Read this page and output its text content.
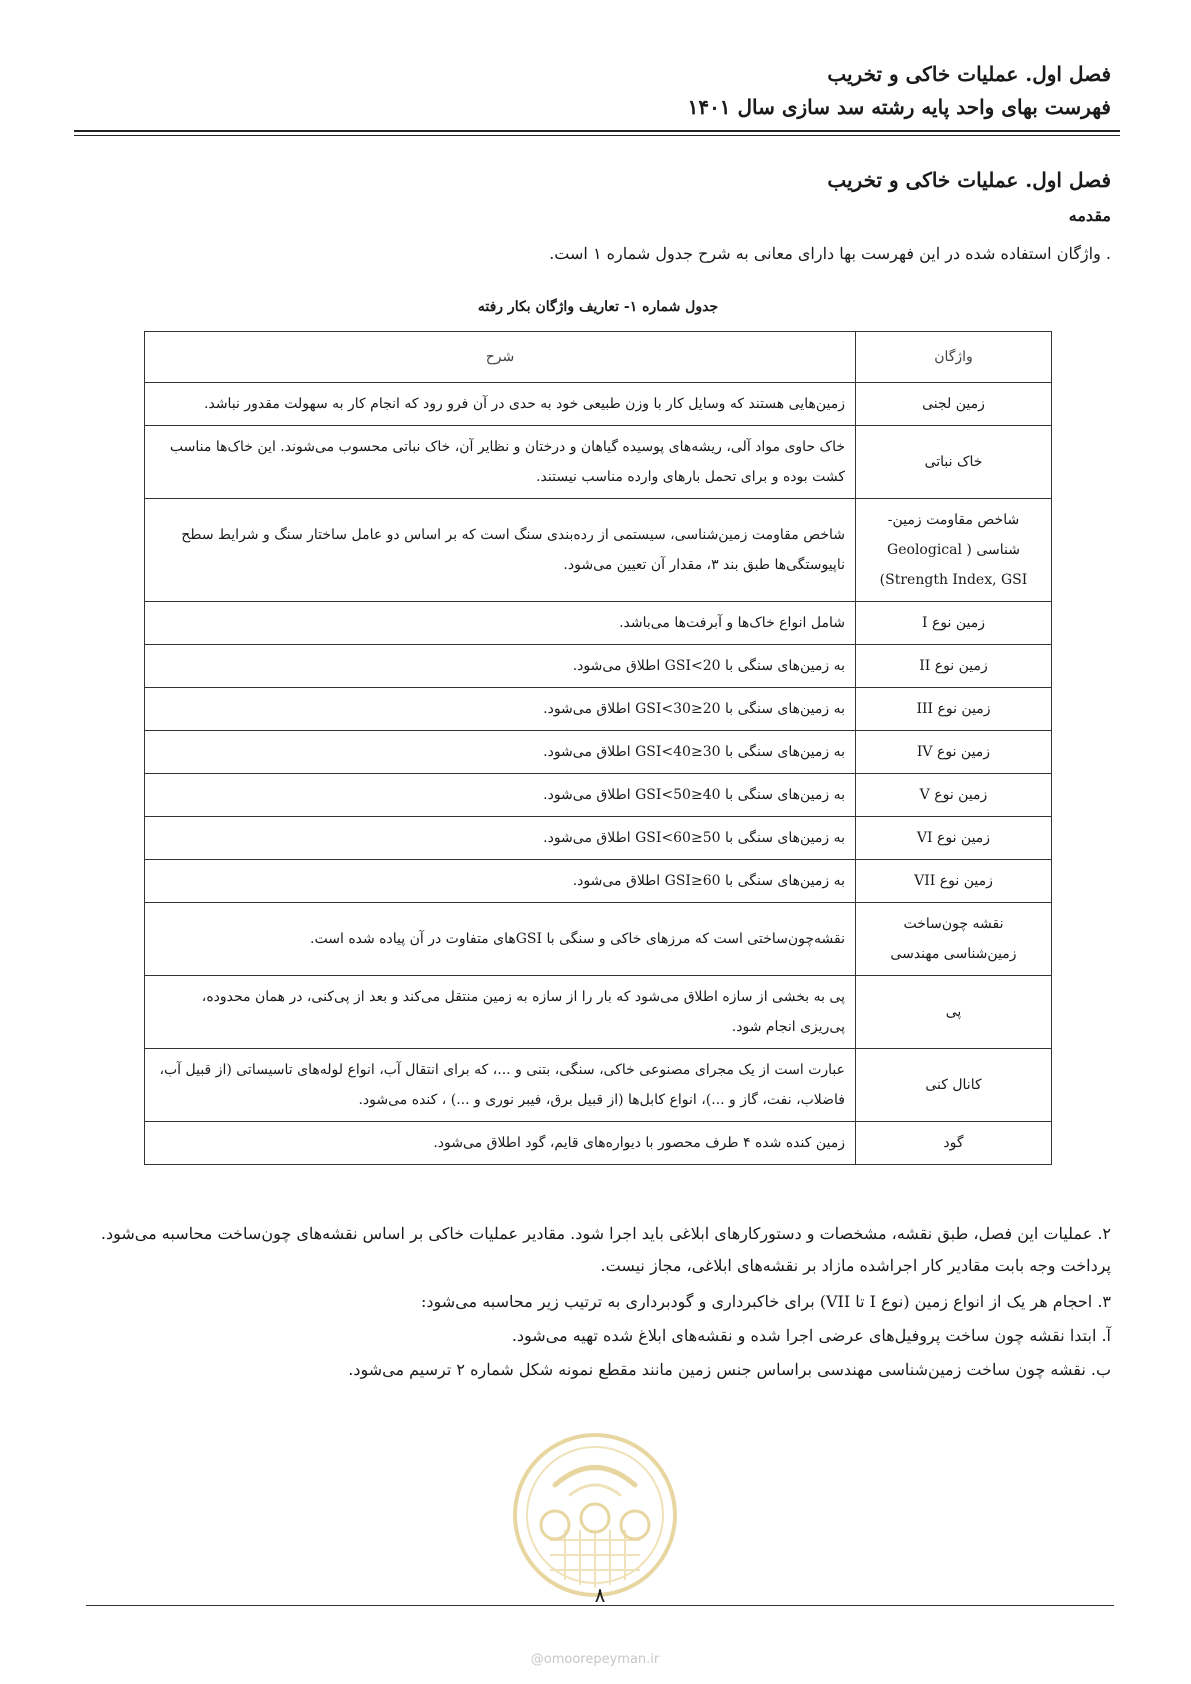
فصل اول. عملیات خاکی و تخریب
فهرست بهای واحد پایه رشته سد سازی سال ۱۴۰۱
فصل اول. عملیات خاکی و تخریب
مقدمه
. واژگان استفاده شده در این فهرست بها دارای معانی به شرح جدول شماره ۱ است.
جدول شماره ۱- تعاریف واژگان بکار رفته
واژگان	شرح
زمین لجنی	زمین‌هایی هستند که وسایل کار با وزن طبیعی خود به حدی در آن فرو رود که انجام کار به سهولت مقدور نباشد.
خاک نباتی	خاک حاوی مواد آلی، ریشه‌های پوسیده گیاهان و درختان و نظایر آن، خاک نباتی محسوب می‌شوند. این خاک‌ها مناسب کشت بوده و برای تحمل بارهای وارده مناسب نیستند.
شاخص مقاومت زمین-شناسی ( Geological Strength Index, GSI)	شاخص مقاومت زمین‌شناسی، سیستمی از رده‌بندی سنگ است که بر اساس دو عامل ساختار سنگ و شرایط سطح ناپیوستگی‌ها طبق بند ۳، مقدار آن تعیین می‌شود.
زمین نوع I	شامل انواع خاک‌ها و آبرفت‌ها می‌باشد.
زمین نوع II	به زمین‌های سنگی با GSI<20 اطلاق می‌شود.
زمین نوع III	به زمین‌های سنگی با 20≤GSI<30 اطلاق می‌شود.
زمین نوع IV	به زمین‌های سنگی با 30≤GSI<40 اطلاق می‌شود.
زمین نوع V	به زمین‌های سنگی با 40≤GSI<50 اطلاق می‌شود.
زمین نوع VI	به زمین‌های سنگی با 50≤GSI<60 اطلاق می‌شود.
زمین نوع VII	به زمین‌های سنگی با 60≤GSI اطلاق می‌شود.
نقشه چون‌ساخت زمین‌شناسی مهندسی	نقشه‌چون‌ساختی است که مرزهای خاکی و سنگی با GSIهای متفاوت در آن پیاده شده است.
پی	پی به بخشی از سازه اطلاق می‌شود که بار را از سازه به زمین منتقل می‌کند و بعد از پی‌کنی، در همان محدوده، پی‌ریزی انجام شود.
کانال کنی	عبارت است از یک مجرای مصنوعی خاکی، سنگی، بتنی و ...، که برای انتقال آب، انواع لوله‌های تاسیساتی (از قبیل آب، فاضلاب، نفت، گاز و ...)، انواع کابل‌ها (از قبیل برق، فیبر نوری و ...) ، کنده می‌شود.
گود	زمین کنده شده ۴ طرف محصور با دیواره‌های قایم، گود اطلاق می‌شود.
۲. عملیات این فصل، طبق نقشه، مشخصات و دستورکارهای ابلاغی باید اجرا شود. مقادیر عملیات خاکی بر اساس نقشه‌های چون‌ساخت محاسبه می‌شود. پرداخت وجه بابت مقادیر کار اجراشده مازاد بر نقشه‌های ابلاغی، مجاز نیست.
۳. احجام هر یک از انواع زمین (نوع I تا VII) برای خاکبرداری و گودبرداری به ترتیب زیر محاسبه می‌شود:
آ. ابتدا نقشه چون ساخت پروفیل‌های عرضی اجرا شده و نقشه‌های ابلاغ شده تهیه می‌شود.
ب. نقشه چون ساخت زمین‌شناسی مهندسی براساس جنس زمین مانند مقطع نمونه شکل شماره ۲ ترسیم می‌شود.
۸
@omoorepeyman.ir
